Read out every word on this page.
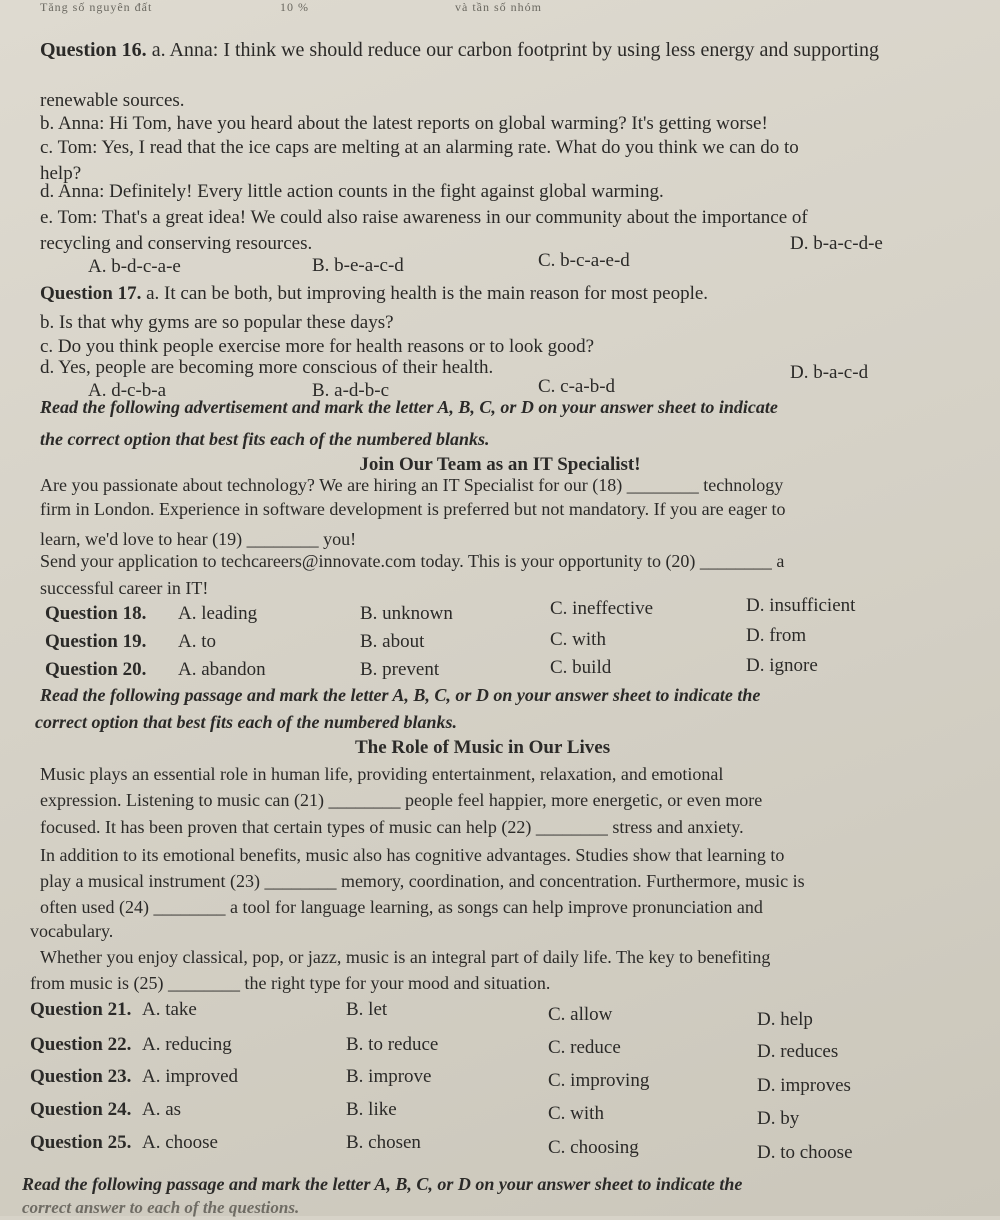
Tăng số nguyên đất	10 %	và tần số nhóm
Question 16. a. Anna: I think we should reduce our carbon footprint by using less energy and supporting
renewable sources.
b. Anna: Hi Tom, have you heard about the latest reports on global warming? It's getting worse!
c. Tom: Yes, I read that the ice caps are melting at an alarming rate. What do you think we can do to
help?
d. Anna: Definitely! Every little action counts in the fight against global warming.
e. Tom: That's a great idea! We could also raise awareness in our community about the importance of
recycling and conserving resources.
A. b-d-c-a-e	B. b-e-a-c-d	C. b-c-a-e-d
D. b-a-c-d-e
Question 17. a. It can be both, but improving health is the main reason for most people.
b. Is that why gyms are so popular these days?
c. Do you think people exercise more for health reasons or to look good?
d. Yes, people are becoming more conscious of their health.
A. d-c-b-a	B. a-d-b-c	C. c-a-b-d
D. b-a-c-d
Read the following advertisement and mark the letter A, B, C, or D on your answer sheet to indicate
the correct option that best fits each of the numbered blanks.
Join Our Team as an IT Specialist!
Are you passionate about technology? We are hiring an IT Specialist for our (18) ________ technology
firm in London. Experience in software development is preferred but not mandatory. If you are eager to
learn, we'd love to hear (19) ________ you!
Send your application to techcareers@innovate.com today. This is your opportunity to (20) ________ a
successful career in IT!
Question 18. A. leading	B. unknown	C. ineffective	D. insufficient
Question 19. A. to	B. about	C. with	D. from
Question 20. A. abandon	B. prevent	C. build	D. ignore
Read the following passage and mark the letter A, B, C, or D on your answer sheet to indicate the
correct option that best fits each of the numbered blanks.
The Role of Music in Our Lives
Music plays an essential role in human life, providing entertainment, relaxation, and emotional
expression. Listening to music can (21) ________ people feel happier, more energetic, or even more
focused. It has been proven that certain types of music can help (22) ________ stress and anxiety.
In addition to its emotional benefits, music also has cognitive advantages. Studies show that learning to
play a musical instrument (23) ________ memory, coordination, and concentration. Furthermore, music is
often used (24) ________ a tool for language learning, as songs can help improve pronunciation and
vocabulary.
Whether you enjoy classical, pop, or jazz, music is an integral part of daily life. The key to benefiting
from music is (25) ________ the right type for your mood and situation.
Question 21. A. take	B. let	C. allow	D. help
Question 22. A. reducing	B. to reduce	C. reduce	D. reduces
Question 23. A. improved	B. improve	C. improving	D. improves
Question 24. A. as	B. like	C. with	D. by
Question 25. A. choose	B. chosen	C. choosing	D. to choose
Read the following passage and mark the letter A, B, C, or D on your answer sheet to indicate the
correct answer to each of the questions.
